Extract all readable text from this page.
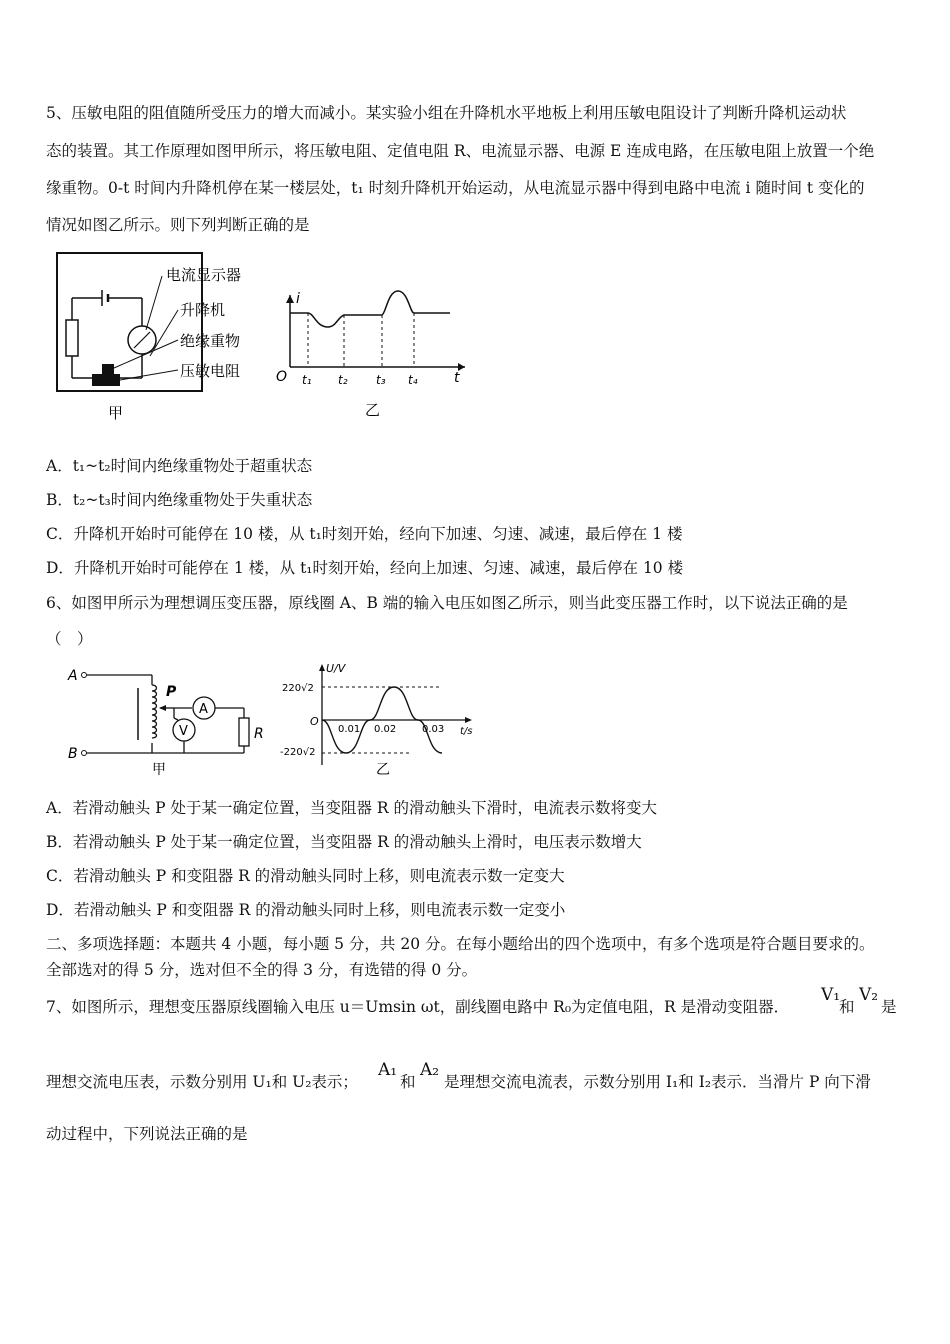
5、压敏电阻的阻值随所受压力的增大而减小。某实验小组在升降机水平地板上利用压敏电阻设计了判断升降机运动状
态的装置。其工作原理如图甲所示，将压敏电阻、定值电阻 R、电流显示器、电源 E 连成电路，在压敏电阻上放置一个绝
缘重物。0-t 时间内升降机停在某一楼层处，t₁ 时刻升降机开始运动，从电流显示器中得到电路中电流 i 随时间 t 变化的
情况如图乙所示。则下列判断正确的是
电流显示器
升降机
绝缘重物
压敏电阻
甲
i
t
O t₁ t₂ t₃ t₄
乙
A．t₁~t₂时间内绝缘重物处于超重状态
B．t₂~t₃时间内绝缘重物处于失重状态
C．升降机开始时可能停在 10 楼，从 t₁时刻开始，经向下加速、匀速、减速，最后停在 1 楼
D．升降机开始时可能停在 1 楼，从 t₁时刻开始，经向上加速、匀速、减速，最后停在 10 楼
6、如图甲所示为理想调压变压器，原线圈 A、B 端的输入电压如图乙所示，则当此变压器工作时，以下说法正确的是
（　）
A
B
P
A
R
V
甲
U/V
t/s
O
220√2
-220√2
0.01 0.02	0.03
乙
A．若滑动触头 P 处于某一确定位置，当变阻器 R 的滑动触头下滑时，电流表示数将变大
B．若滑动触头 P 处于某一确定位置，当变阻器 R 的滑动触头上滑时，电压表示数增大
C．若滑动触头 P 和变阻器 R 的滑动触头同时上移，则电流表示数一定变大
D．若滑动触头 P 和变阻器 R 的滑动触头同时上移，则电流表示数一定变小
二、多项选择题：本题共 4 小题，每小题 5 分，共 20 分。在每小题给出的四个选项中，有多个选项是符合题目要求的。
全部选对的得 5 分，选对但不全的得 3 分，有选错的得 0 分。
7、如图所示，理想变压器原线圈输入电压 u＝Umsin ωt，副线圈电路中 R₀为定值电阻，R 是滑动变阻器．
V₁
和
V₂
是
理想交流电压表，示数分别用 U₁和 U₂表示；
A₁
和
A₂
是理想交流电流表，示数分别用 I₁和 I₂表示．当滑片 P 向下滑
动过程中，下列说法正确的是
